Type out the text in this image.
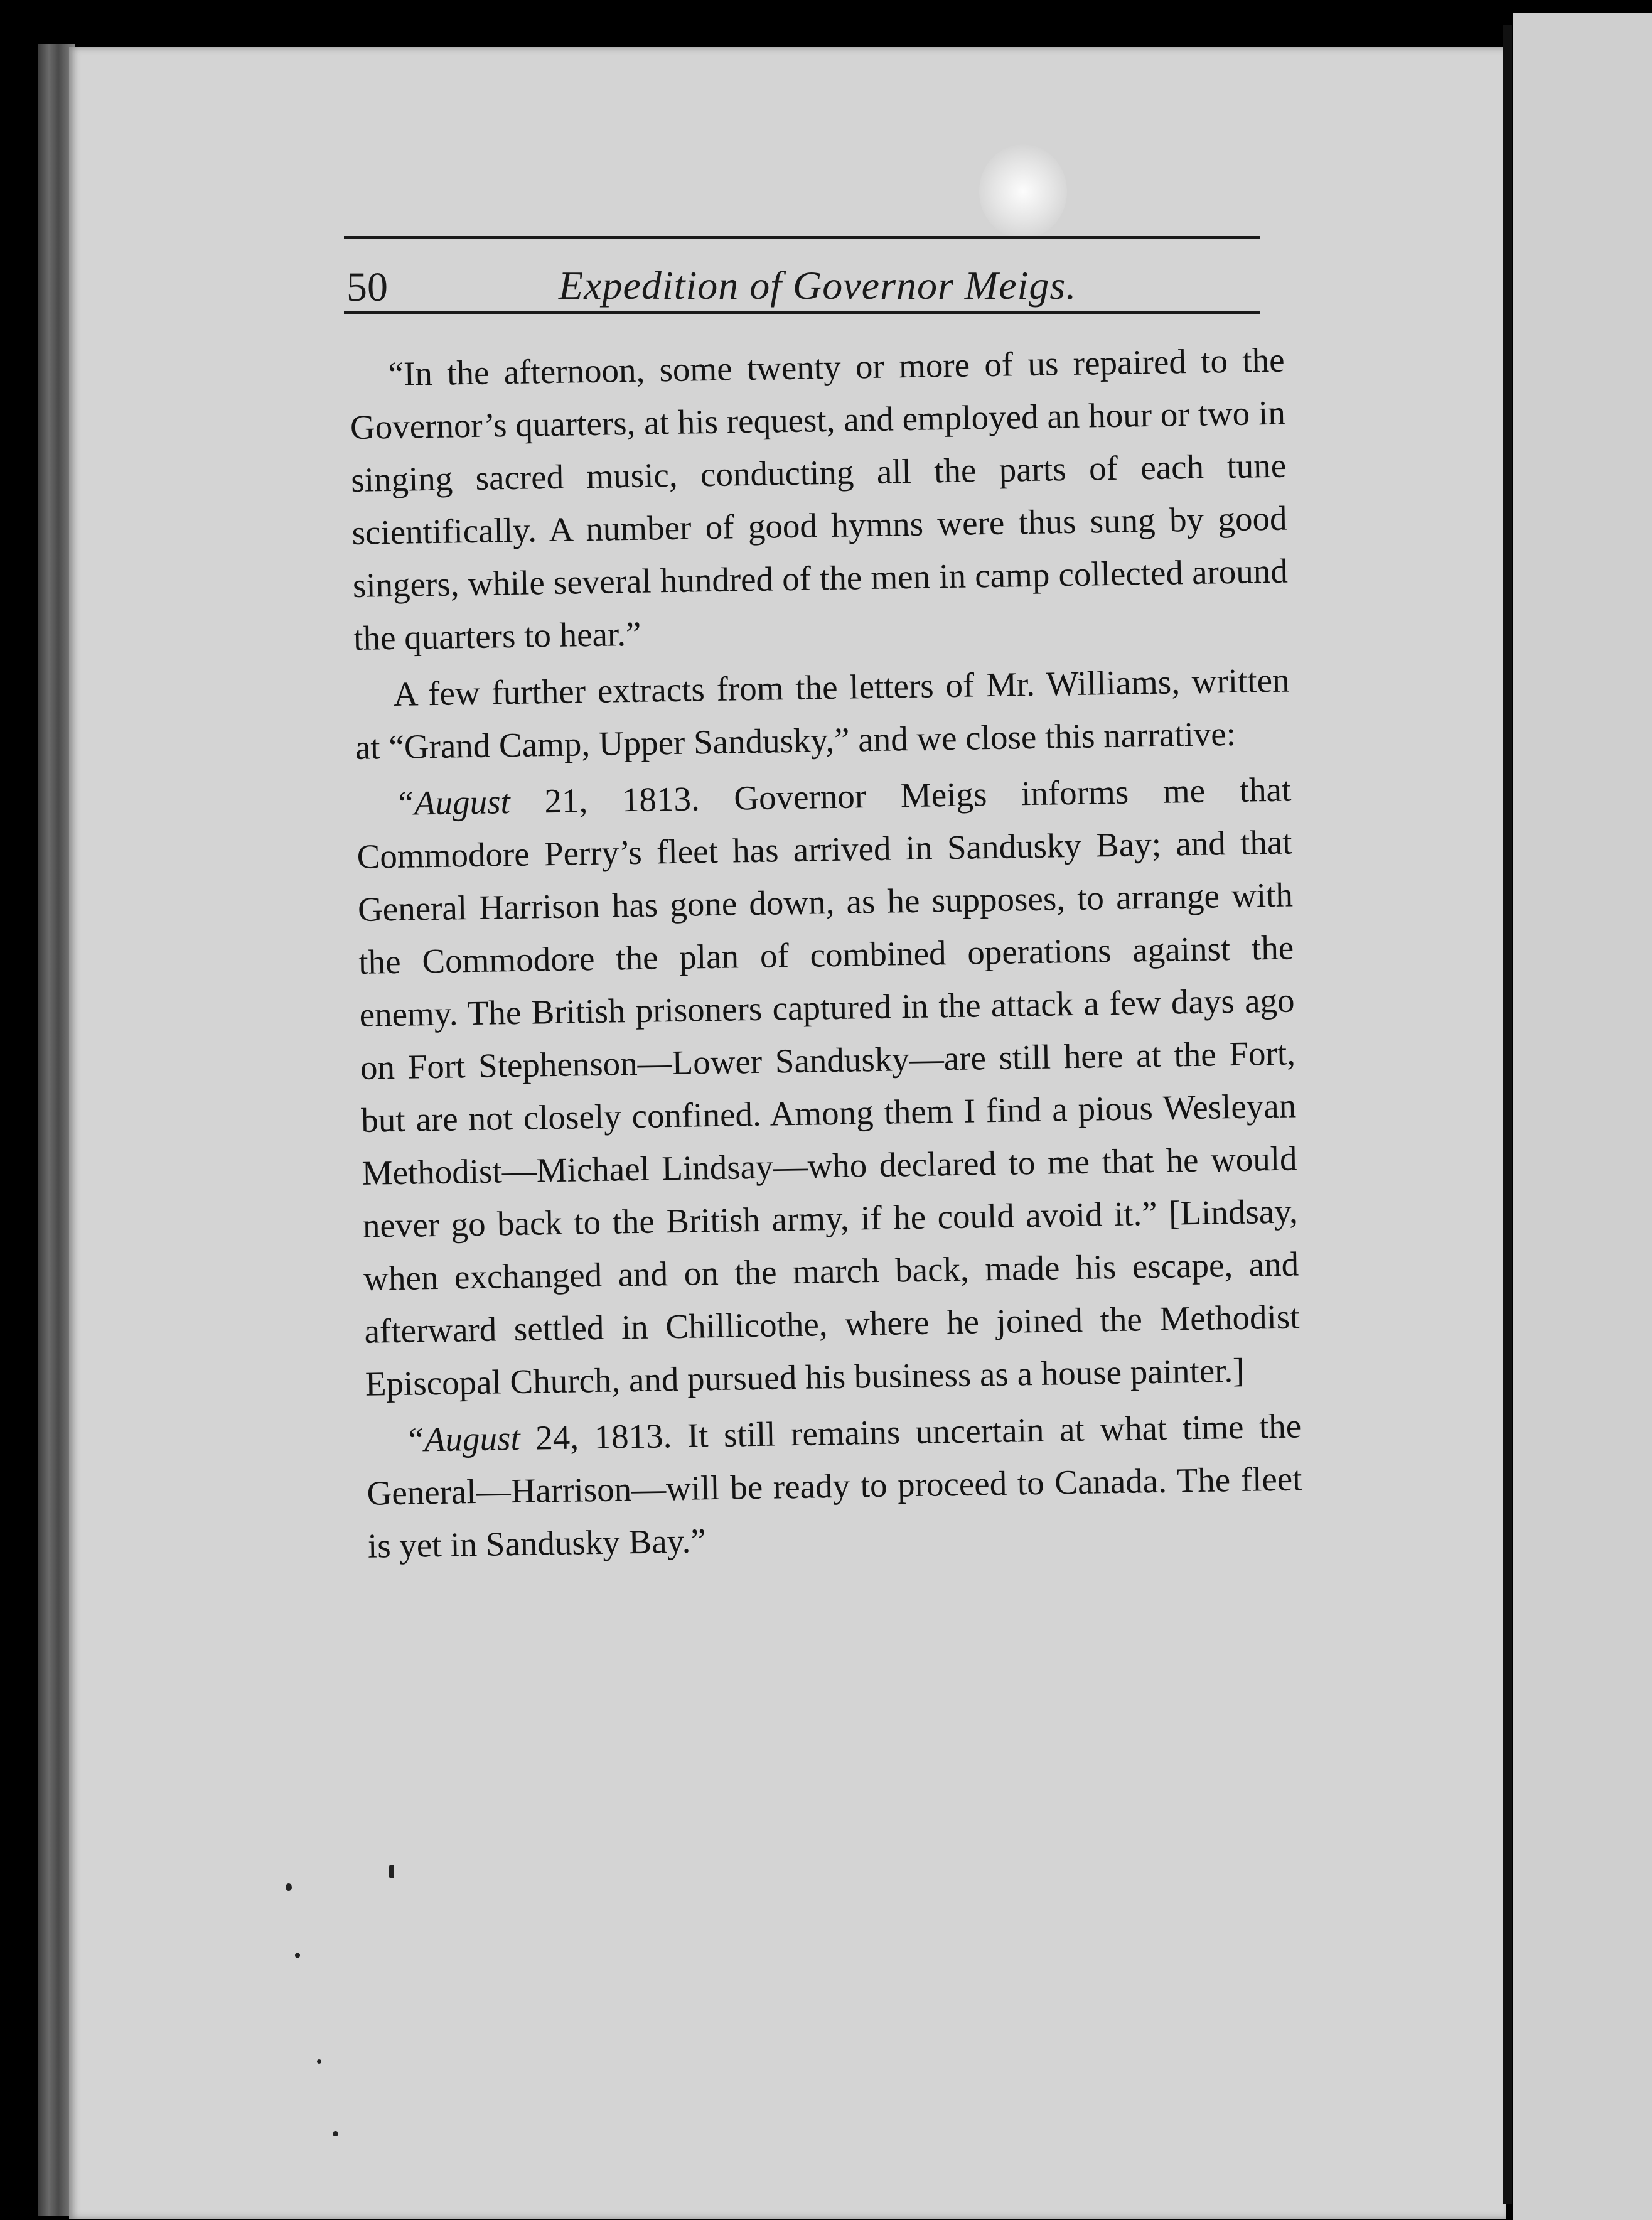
50	Expedition of Governor Meigs.

“In the afternoon, some twenty or more of us repaired to the Governor’s quarters, at his request, and employed an hour or two in singing sacred music, conducting all the parts of each tune scientifically. A number of good hymns were thus sung by good singers, while several hundred of the men in camp collected around the quarters to hear.”

A few further extracts from the letters of Mr. Williams, written at “Grand Camp, Upper Sandusky,” and we close this narrative:

“August 21, 1813. Governor Meigs informs me that Commodore Perry’s fleet has arrived in Sandusky Bay; and that General Harrison has gone down, as he supposes, to arrange with the Commodore the plan of combined operations against the enemy. The British prisoners captured in the attack a few days ago on Fort Stephenson—Lower Sandusky—are still here at the Fort, but are not closely confined. Among them I find a pious Wesleyan Methodist—Michael Lindsay—who declared to me that he would never go back to the British army, if he could avoid it.” [Lindsay, when exchanged and on the march back, made his escape, and afterward settled in Chillicothe, where he joined the Methodist Episcopal Church, and pursued his business as a house painter.]

“August 24, 1813. It still remains uncertain at what time the General—Harrison—will be ready to proceed to Canada. The fleet is yet in Sandusky Bay.”
